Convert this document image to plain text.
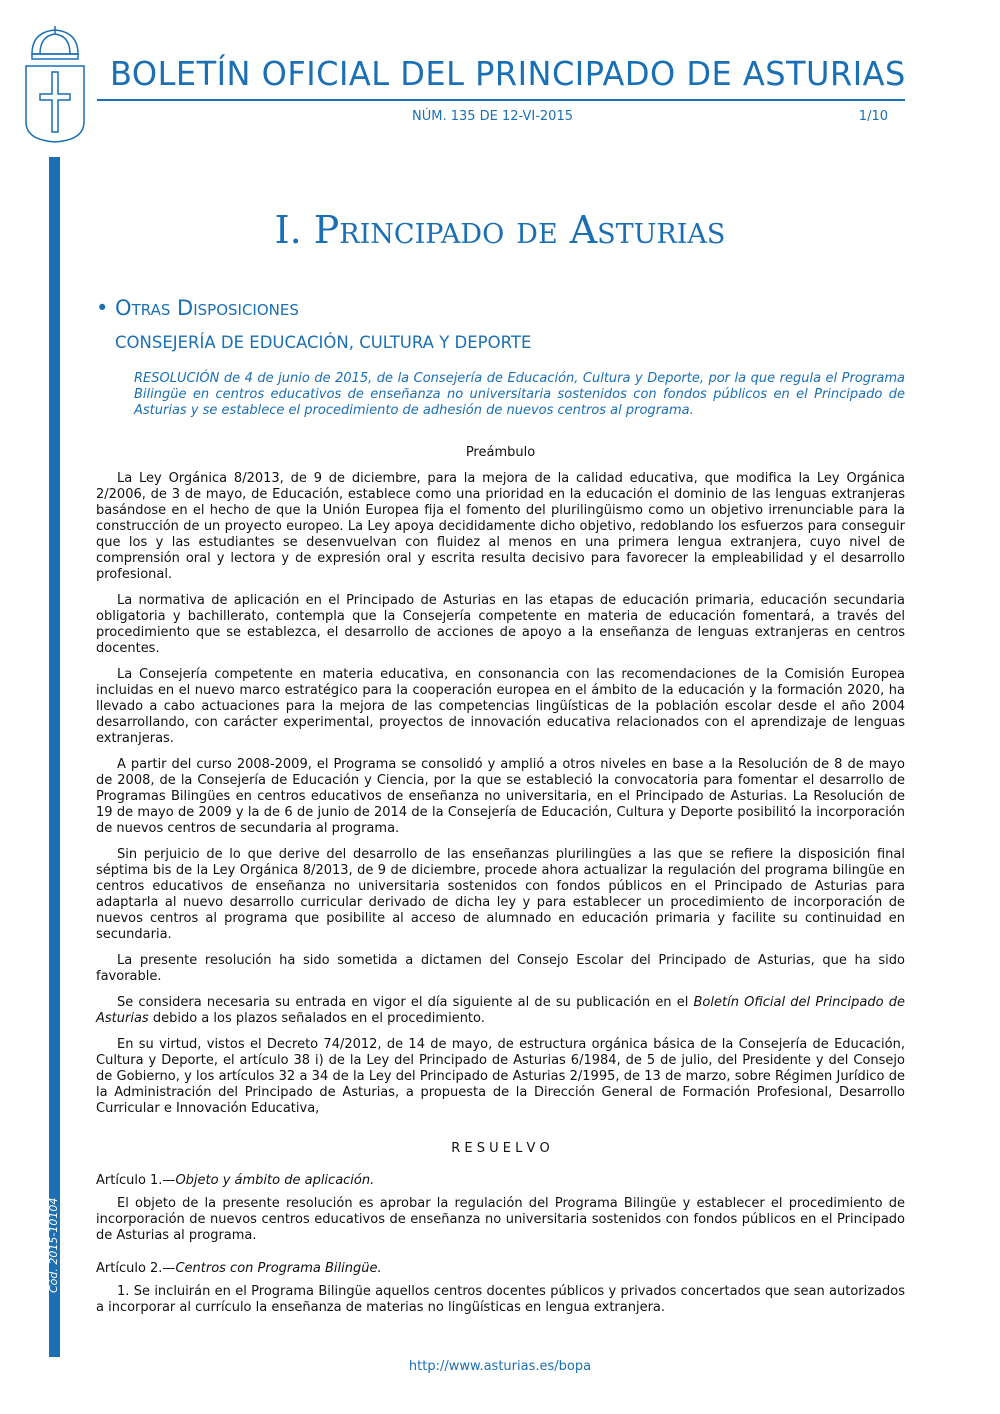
BOLETÍN OFICIAL DEL PRINCIPADO DE ASTURIAS
NÚM. 135 DE 12-VI-2015	1/10
Cód. 2015-10104
I. Principado de Asturias
• Otras Disposiciones
CONSEJERÍA DE EDUCACIÓN, CULTURA Y DEPORTE
RESOLUCIÓN de 4 de junio de 2015, de la Consejería de Educación, Cultura y Deporte, por la que regula el Programa Bilingüe en centros educativos de enseñanza no universitaria sostenidos con fondos públicos en el Principado de Asturias y se establece el procedimiento de adhesión de nuevos centros al programa.

Preámbulo

La Ley Orgánica 8/2013, de 9 de diciembre, para la mejora de la calidad educativa, que modifica la Ley Orgánica 2/2006, de 3 de mayo, de Educación, establece como una prioridad en la educación el dominio de las lenguas extranjeras basándose en el hecho de que la Unión Europea fija el fomento del plurilingüismo como un objetivo irrenunciable para la construcción de un proyecto europeo. La Ley apoya decididamente dicho objetivo, redoblando los esfuerzos para conseguir que los y las estudiantes se desenvuelvan con fluidez al menos en una primera lengua extranjera, cuyo nivel de comprensión oral y lectora y de expresión oral y escrita resulta decisivo para favorecer la empleabilidad y el desarrollo profesional.

La normativa de aplicación en el Principado de Asturias en las etapas de educación primaria, educación secundaria obligatoria y bachillerato, contempla que la Consejería competente en materia de educación fomentará, a través del procedimiento que se establezca, el desarrollo de acciones de apoyo a la enseñanza de lenguas extranjeras en centros docentes.

La Consejería competente en materia educativa, en consonancia con las recomendaciones de la Comisión Europea incluidas en el nuevo marco estratégico para la cooperación europea en el ámbito de la educación y la formación 2020, ha llevado a cabo actuaciones para la mejora de las competencias lingüísticas de la población escolar desde el año 2004 desarrollando, con carácter experimental, proyectos de innovación educativa relacionados con el aprendizaje de lenguas extranjeras.

A partir del curso 2008-2009, el Programa se consolidó y amplió a otros niveles en base a la Resolución de 8 de mayo de 2008, de la Consejería de Educación y Ciencia, por la que se estableció la convocatoria para fomentar el desarrollo de Programas Bilingües en centros educativos de enseñanza no universitaria, en el Principado de Asturias. La Resolución de 19 de mayo de 2009 y la de 6 de junio de 2014 de la Consejería de Educación, Cultura y Deporte posibilitó la incorporación de nuevos centros de secundaria al programa.

Sin perjuicio de lo que derive del desarrollo de las enseñanzas plurilingües a las que se refiere la disposición final séptima bis de la Ley Orgánica 8/2013, de 9 de diciembre, procede ahora actualizar la regulación del programa bilingüe en centros educativos de enseñanza no universitaria sostenidos con fondos públicos en el Principado de Asturias para adaptarla al nuevo desarrollo curricular derivado de dicha ley y para establecer un procedimiento de incorporación de nuevos centros al programa que posibilite al acceso de alumnado en educación primaria y facilite su continuidad en secundaria.

La presente resolución ha sido sometida a dictamen del Consejo Escolar del Principado de Asturias, que ha sido favorable.

Se considera necesaria su entrada en vigor el día siguiente al de su publicación en el Boletín Oficial del Principado de Asturias debido a los plazos señalados en el procedimiento.

En su virtud, vistos el Decreto 74/2012, de 14 de mayo, de estructura orgánica básica de la Consejería de Educación, Cultura y Deporte, el artículo 38 i) de la Ley del Principado de Asturias 6/1984, de 5 de julio, del Presidente y del Consejo de Gobierno, y los artículos 32 a 34 de la Ley del Principado de Asturias 2/1995, de 13 de marzo, sobre Régimen Jurídico de la Administración del Principado de Asturias, a propuesta de la Dirección General de Formación Profesional, Desarrollo Curricular e Innovación Educativa,

R E S U E L V O

Artículo 1.—Objeto y ámbito de aplicación.

El objeto de la presente resolución es aprobar la regulación del Programa Bilingüe y establecer el procedimiento de incorporación de nuevos centros educativos de enseñanza no universitaria sostenidos con fondos públicos en el Principado de Asturias al programa.

Artículo 2.—Centros con Programa Bilingüe.

1. Se incluirán en el Programa Bilingüe aquellos centros docentes públicos y privados concertados que sean autorizados a incorporar al currículo la enseñanza de materias no lingüísticas en lengua extranjera.

http://www.asturias.es/bopa
